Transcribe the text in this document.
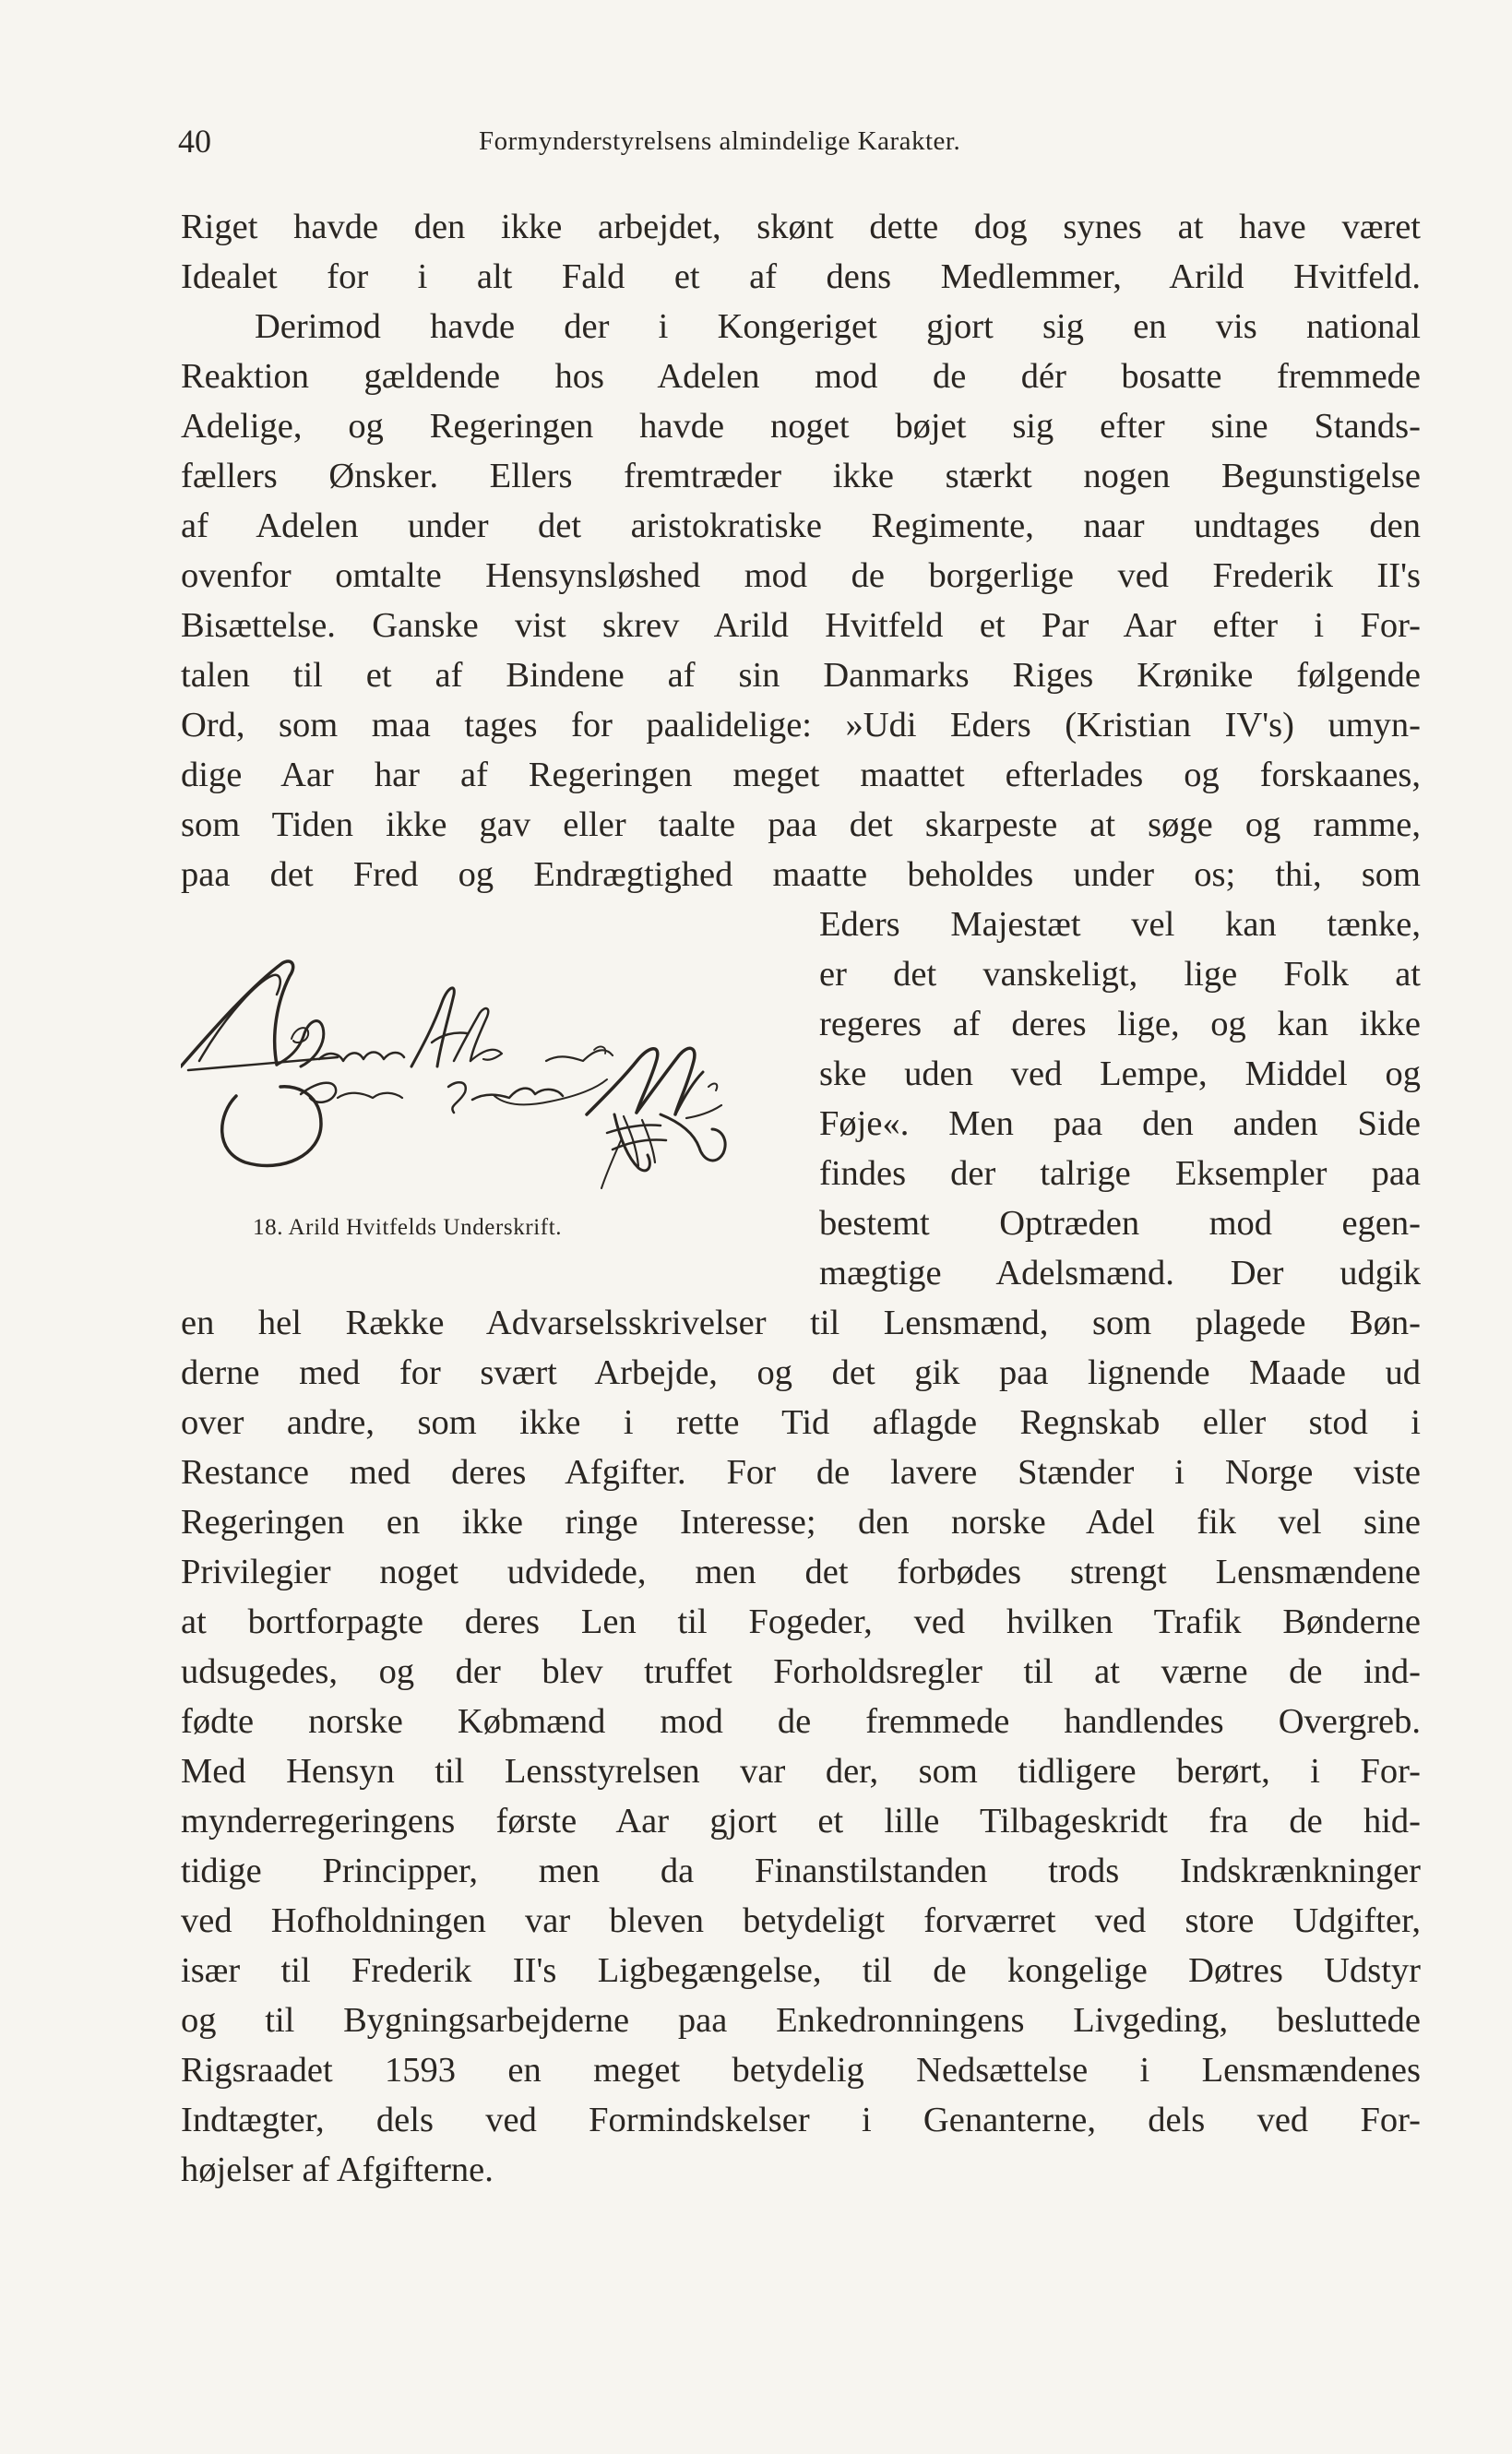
40	Formynderstyrelsens almindelige Karakter.
Riget havde den ikke arbejdet, skønt dette dog synes at have været
Idealet for i alt Fald et af dens Medlemmer, Arild Hvitfeld.
Derimod havde der i Kongeriget gjort sig en vis national
Reaktion gældende hos Adelen mod de dér bosatte fremmede
Adelige, og Regeringen havde noget bøjet sig efter sine Stands-
fællers Ønsker. Ellers fremtræder ikke stærkt nogen Begunstigelse
af Adelen under det aristokratiske Regimente, naar undtages den
ovenfor omtalte Hensynsløshed mod de borgerlige ved Frederik II's
Bisættelse. Ganske vist skrev Arild Hvitfeld et Par Aar efter i For-
talen til et af Bindene af sin Danmarks Riges Krønike følgende
Ord, som maa tages for paalidelige: »Udi Eders (Kristian IV's) umyn-
dige Aar har af Regeringen meget maattet efterlades og forskaanes,
som Tiden ikke gav eller taalte paa det skarpeste at søge og ramme,
paa det Fred og Endrægtighed maatte beholdes under os; thi, som
Eders Majestæt vel kan tænke,
er det vanskeligt, lige Folk at
regeres af deres lige, og kan ikke
ske uden ved Lempe, Middel og
Føje«. Men paa den anden Side
findes der talrige Eksempler paa
bestemt Optræden mod egen-
mægtige Adelsmænd. Der udgik
en hel Række Advarselsskrivelser til Lensmænd, som plagede Bøn-
derne med for svært Arbejde, og det gik paa lignende Maade ud
over andre, som ikke i rette Tid aflagde Regnskab eller stod i
Restance med deres Afgifter. For de lavere Stænder i Norge viste
Regeringen en ikke ringe Interesse; den norske Adel fik vel sine
Privilegier noget udvidede, men det forbødes strengt Lensmændene
at bortforpagte deres Len til Fogeder, ved hvilken Trafik Bønderne
udsugedes, og der blev truffet Forholdsregler til at værne de ind-
fødte norske Købmænd mod de fremmede handlendes Overgreb.
Med Hensyn til Lensstyrelsen var der, som tidligere berørt, i For-
mynderregeringens første Aar gjort et lille Tilbageskridt fra de hid-
tidige Principper, men da Finanstilstanden trods Indskrænkninger
ved Hofholdningen var bleven betydeligt forværret ved store Udgifter,
især til Frederik II's Ligbegængelse, til de kongelige Døtres Udstyr
og til Bygningsarbejderne paa Enkedronningens Livgeding, besluttede
Rigsraadet 1593 en meget betydelig Nedsættelse i Lensmændenes
Indtægter, dels ved Formindskelser i Genanterne, dels ved For-
højelser af Afgifterne.
18. Arild Hvitfelds Underskrift.
